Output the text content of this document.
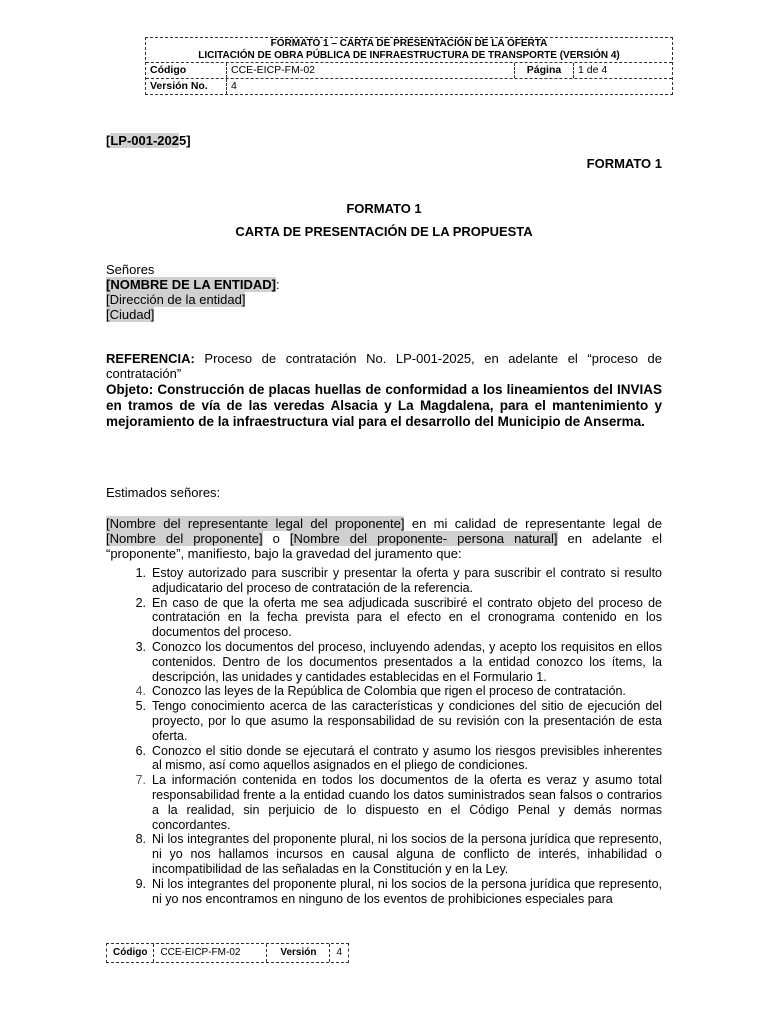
FORMATO 1 – CARTA DE PRESENTACIÓN DE LA OFERTA
LICITACIÓN DE OBRA PÚBLICA DE INFRAESTRUCTURA DE TRANSPORTE (VERSIÓN 4)
Código	CCE-EICP-FM-02	Página	1 de 4
Versión No.	4
[LP-001-2025]
FORMATO 1
FORMATO 1
CARTA DE PRESENTACIÓN DE LA PROPUESTA
Señores
[NOMBRE DE LA ENTIDAD]:
[Dirección de la entidad]
[Ciudad]
REFERENCIA: Proceso de contratación No. LP-001-2025, en adelante el “proceso de contratación”
Objeto: Construcción de placas huellas de conformidad a los lineamientos del INVIAS en tramos de vía de las veredas Alsacia y La Magdalena, para el mantenimiento y mejoramiento de la infraestructura vial para el desarrollo del Municipio de Anserma.
Estimados señores:
[Nombre del representante legal del proponente] en mi calidad de representante legal de [Nombre del proponente] o [Nombre del proponente- persona natural] en adelante el “proponente”, manifiesto, bajo la gravedad del juramento que:
1. Estoy autorizado para suscribir y presentar la oferta y para suscribir el contrato si resulto adjudicatario del proceso de contratación de la referencia.
2. En caso de que la oferta me sea adjudicada suscribiré el contrato objeto del proceso de contratación en la fecha prevista para el efecto en el cronograma contenido en los documentos del proceso.
3. Conozco los documentos del proceso, incluyendo adendas, y acepto los requisitos en ellos contenidos. Dentro de los documentos presentados a la entidad conozco los ítems, la descripción, las unidades y cantidades establecidas en el Formulario 1.
4. Conozco las leyes de la República de Colombia que rigen el proceso de contratación.
5. Tengo conocimiento acerca de las características y condiciones del sitio de ejecución del proyecto, por lo que asumo la responsabilidad de su revisión con la presentación de esta oferta.
6. Conozco el sitio donde se ejecutará el contrato y asumo los riesgos previsibles inherentes al mismo, así como aquellos asignados en el pliego de condiciones.
7. La información contenida en todos los documentos de la oferta es veraz y asumo total responsabilidad frente a la entidad cuando los datos suministrados sean falsos o contrarios a la realidad, sin perjuicio de lo dispuesto en el Código Penal y demás normas concordantes.
8. Ni los integrantes del proponente plural, ni los socios de la persona jurídica que represento, ni yo nos hallamos incursos en causal alguna de conflicto de interés, inhabilidad o incompatibilidad de las señaladas en la Constitución y en la Ley.
9. Ni los integrantes del proponente plural, ni los socios de la persona jurídica que represento, ni yo nos encontramos en ninguno de los eventos de prohibiciones especiales para
Código	CCE-EICP-FM-02	Versión	4
